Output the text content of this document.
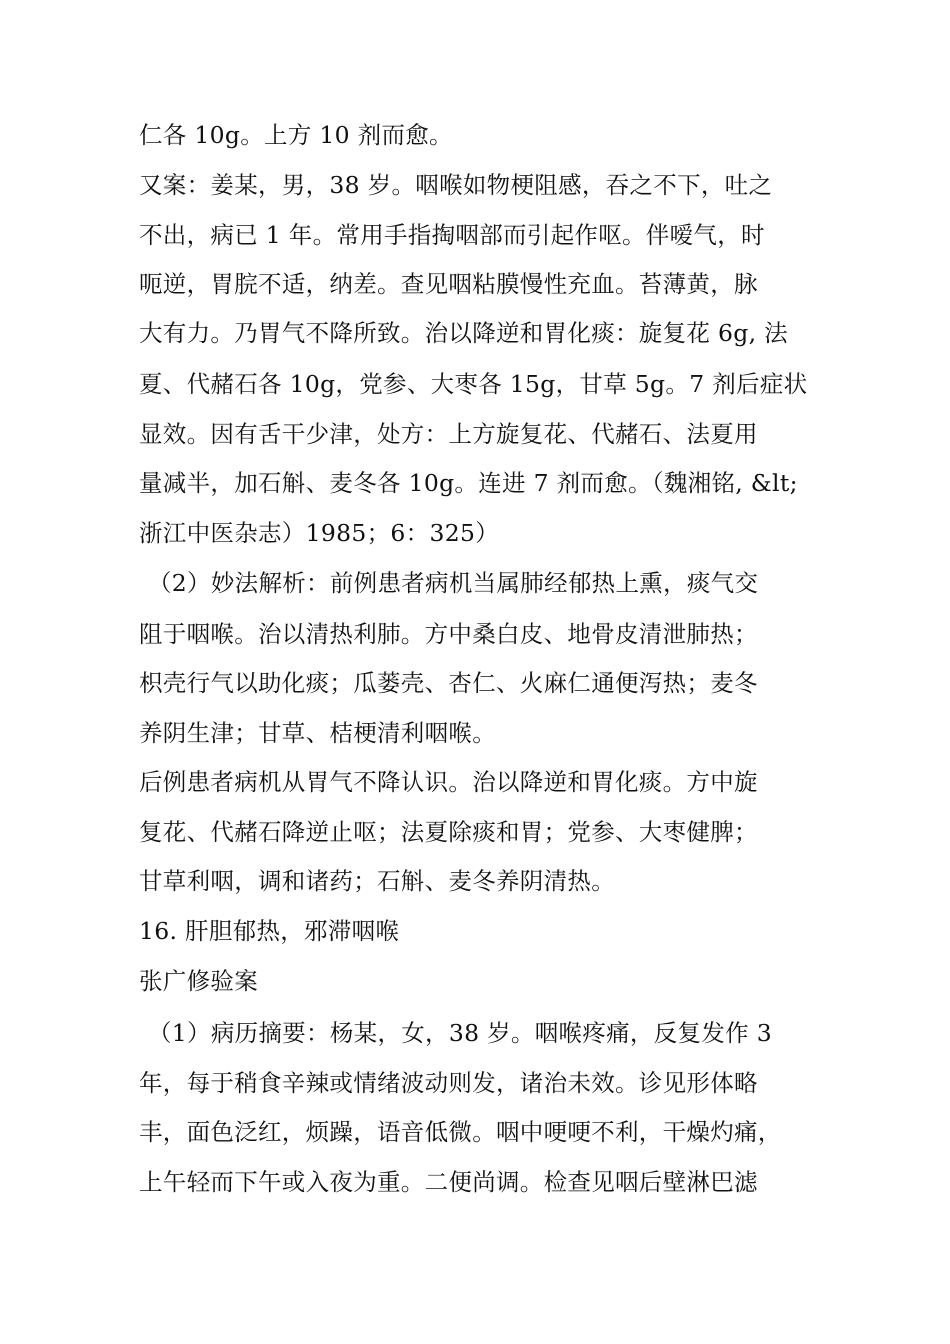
仁各 10g。上方 10 剂而愈。
又案：姜某，男，38 岁。咽喉如物梗阻感，吞之不下，吐之
不出，病已 1 年。常用手指掏咽部而引起作呕。伴嗳气，时
呃逆，胃脘不适，纳差。查见咽粘膜慢性充血。苔薄黄，脉
大有力。乃胃气不降所致。治以降逆和胃化痰：旋复花 6g, 法
夏、代赭石各 10g，党参、大枣各 15g，甘草 5g。7 剂后症状
显效。因有舌干少津，处方：上方旋复花、代赭石、法夏用
量减半，加石斛、麦冬各 10g。连进 7 剂而愈。（魏湘铭, &lt;
浙江中医杂志）1985；6：325）
（2）妙法解析：前例患者病机当属肺经郁热上熏，痰气交
阻于咽喉。治以清热利肺。方中桑白皮、地骨皮清泄肺热；
枳壳行气以助化痰；瓜蒌壳、杏仁、火麻仁通便泻热；麦冬
养阴生津；甘草、桔梗清利咽喉。
后例患者病机从胃气不降认识。治以降逆和胃化痰。方中旋
复花、代赭石降逆止呕；法夏除痰和胃；党参、大枣健脾；
甘草利咽，调和诸药；石斛、麦冬养阴清热。
16. 肝胆郁热，邪滞咽喉
张广修验案
（1）病历摘要：杨某，女，38 岁。咽喉疼痛，反复发作 3
年，每于稍食辛辣或情绪波动则发，诸治未效。诊见形体略
丰，面色泛红，烦躁，语音低微。咽中哽哽不利，干燥灼痛，
上午轻而下午或入夜为重。二便尚调。检查见咽后壁淋巴滤
